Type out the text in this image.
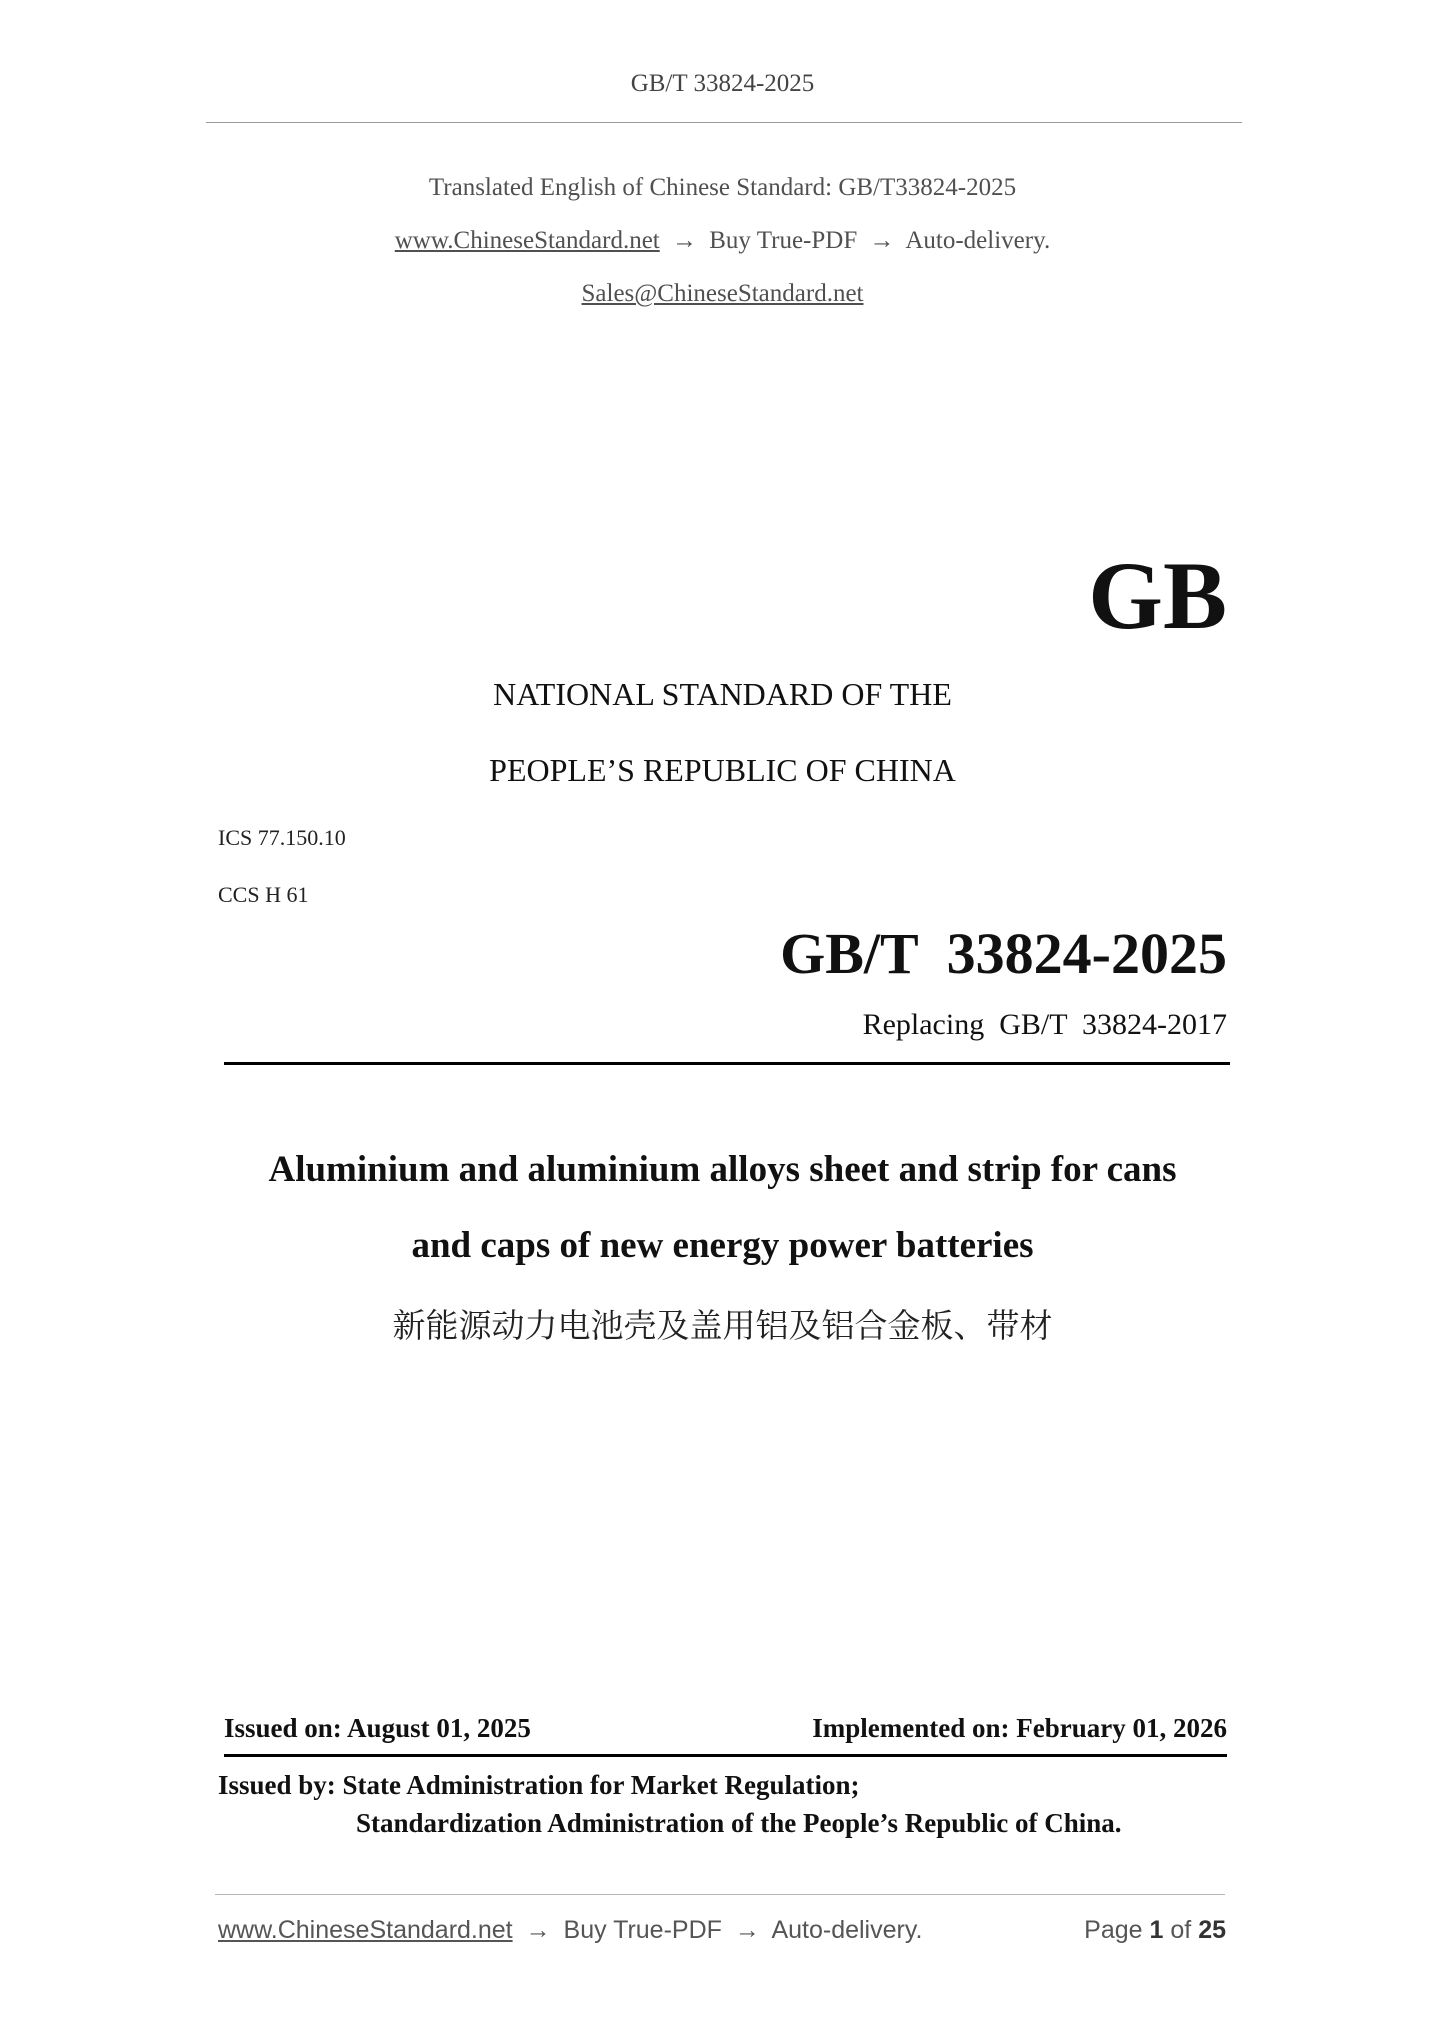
GB/T 33824-2025
Translated English of Chinese Standard: GB/T33824-2025
www.ChineseStandard.net → Buy True-PDF → Auto-delivery.
Sales@ChineseStandard.net
GB
NATIONAL STANDARD OF THE
PEOPLE’S REPUBLIC OF CHINA
ICS 77.150.10
CCS H 61
GB/T  33824-2025
Replacing  GB/T  33824-2017
Aluminium and aluminium alloys sheet and strip for cans
and caps of new energy power batteries
新能源动力电池壳及盖用铝及铝合金板、带材
Issued on: August 01, 2025	Implemented on: February 01, 2026
Issued by: State Administration for Market Regulation;
Standardization Administration of the People’s Republic of China.
www.ChineseStandard.net → Buy True-PDF → Auto-delivery.	Page 1 of 25
